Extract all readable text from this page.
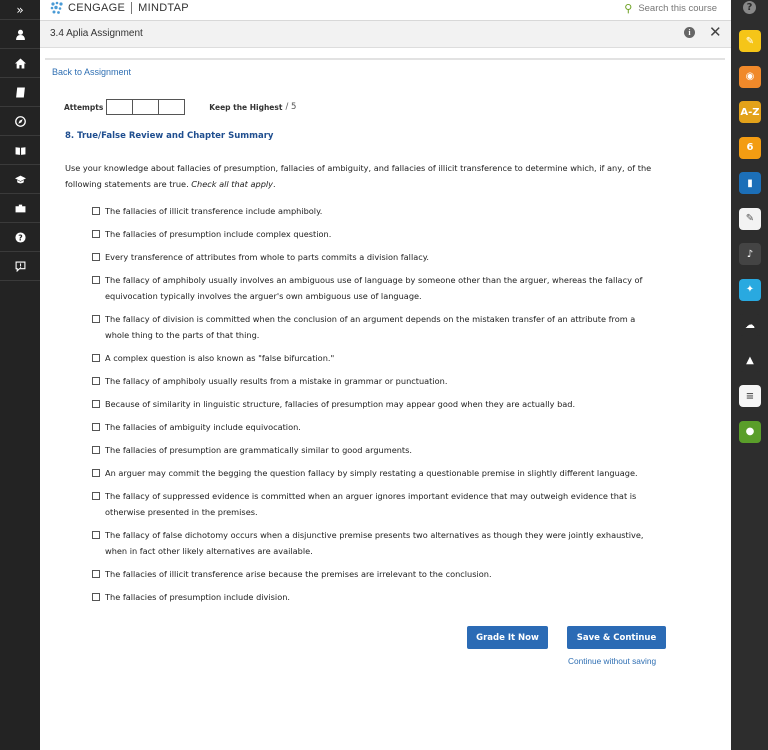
»
?
CENGAGE MINDTAP	⚲ Search this course
3.4 Aplia Assignment	i ✕
Back to Assignment
Attempts	Keep the Highest / 5
8. True/False Review and Chapter Summary
Use your knowledge about fallacies of presumption, fallacies of ambiguity, and fallacies of illicit transference to determine which, if any, of the following statements are true. Check all that apply.
The fallacies of illicit transference include amphiboly.
The fallacies of presumption include complex question.
Every transference of attributes from whole to parts commits a division fallacy.
The fallacy of amphiboly usually involves an ambiguous use of language by someone other than the arguer, whereas the fallacy of equivocation typically involves the arguer's own ambiguous use of language.
The fallacy of division is committed when the conclusion of an argument depends on the mistaken transfer of an attribute from a whole thing to the parts of that thing.
A complex question is also known as "false bifurcation."
The fallacy of amphiboly usually results from a mistake in grammar or punctuation.
Because of similarity in linguistic structure, fallacies of presumption may appear good when they are actually bad.
The fallacies of ambiguity include equivocation.
The fallacies of presumption are grammatically similar to good arguments.
An arguer may commit the begging the question fallacy by simply restating a questionable premise in slightly different language.
The fallacy of suppressed evidence is committed when an arguer ignores important evidence that may outweigh evidence that is otherwise presented in the premises.
The fallacy of false dichotomy occurs when a disjunctive premise presents two alternatives as though they were jointly exhaustive, when in fact other likely alternatives are available.
The fallacies of illicit transference arise because the premises are irrelevant to the conclusion.
The fallacies of presumption include division.
Grade It Now	Save & Continue
Continue without saving
?
✎
◉
A-Z
6
▮
✎
♪
✦
☁
▲
≡
●
